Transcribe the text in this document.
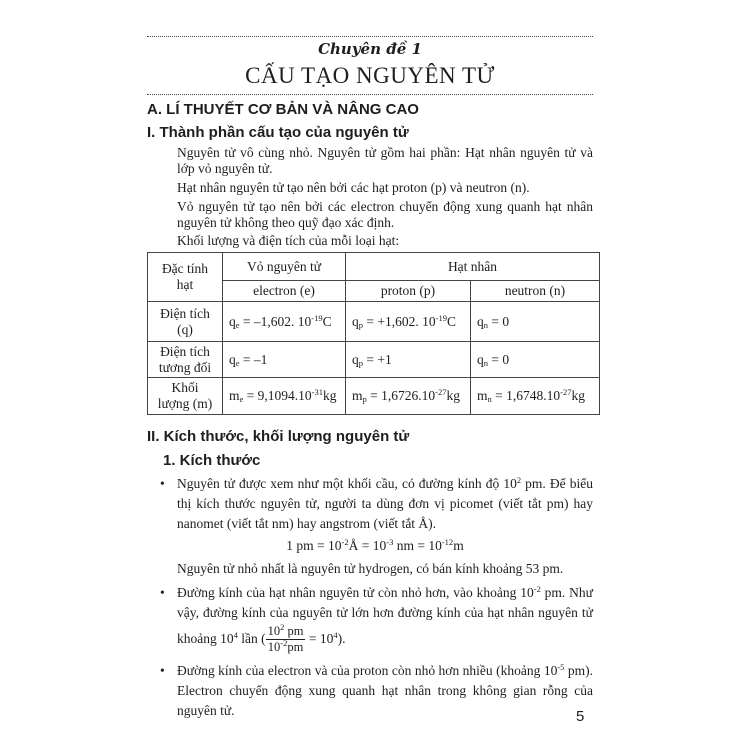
Chuyên đề 1
CẤU TẠO NGUYÊN TỬ
A. LÍ THUYẾT CƠ BẢN VÀ NÂNG CAO
I. Thành phần cấu tạo của nguyên tử
Nguyên tử vô cùng nhỏ. Nguyên tử gồm hai phần: Hạt nhân nguyên tử và
lớp vỏ nguyên tử.
Hạt nhân nguyên tử tạo nên bởi các hạt proton (p) và neutron (n).
Vỏ nguyên tử tạo nên bởi các electron chuyển động xung quanh hạt nhân
nguyên tử không theo quỹ đạo xác định.
Khối lượng và điện tích của mỗi loại hạt:
Đặc tính hạt	Vỏ nguyên tử	Hạt nhân	
	electron (e)	proton (p)	neutron (n)
Điện tích (q)	$q_e = -1,602$. $10^{-19}C$	$q_p = +1,602$. $10^{-19}C$	$q_n = 0$
Điện tích tương đối	$q_e = -1$	$q_p = +1$	$q_n = 0$
Khối lượng (m)	$m_e = 9,1094.10^{-31}kg$	$m_p = 1,6726.10^{-27}kg$	$m_n = 1,6748.10^{-27}kg$
II. Kích thước, khối lượng nguyên tử
1. Kích thước
• Nguyên tử được xem như một khối cầu, có đường kính độ $10^2$ pm. Để biểu
thị kích thước nguyên tử, người ta dùng đơn vị picomet (viết tắt pm) hay
nanomet (viết tắt nm) hay angstrom (viết tắt Å).
1 pm = $10^{-2}Å = 10^{-3}$ nm = $10^{-12}m$
Nguyên tử nhỏ nhất là nguyên tử hydrogen, có bán kính khoảng 53 pm.
• Đường kính của hạt nhân nguyên tử còn nhỏ hơn, vào khoảng $10^{-2}$ pm. Như
vậy, đường kính của nguyên tử lớn hơn đường kính của hạt nhân nguyên tử
khoảng $10^4$ lần ( $\frac{10^2 pm}{10^{-2}pm} = 10^4$).
• Đường kính của electron và của proton còn nhỏ hơn nhiều (khoảng $10^{-5}$ pm).
Electron chuyển động xung quanh hạt nhân trong không gian rỗng của
nguyên tử.	5
